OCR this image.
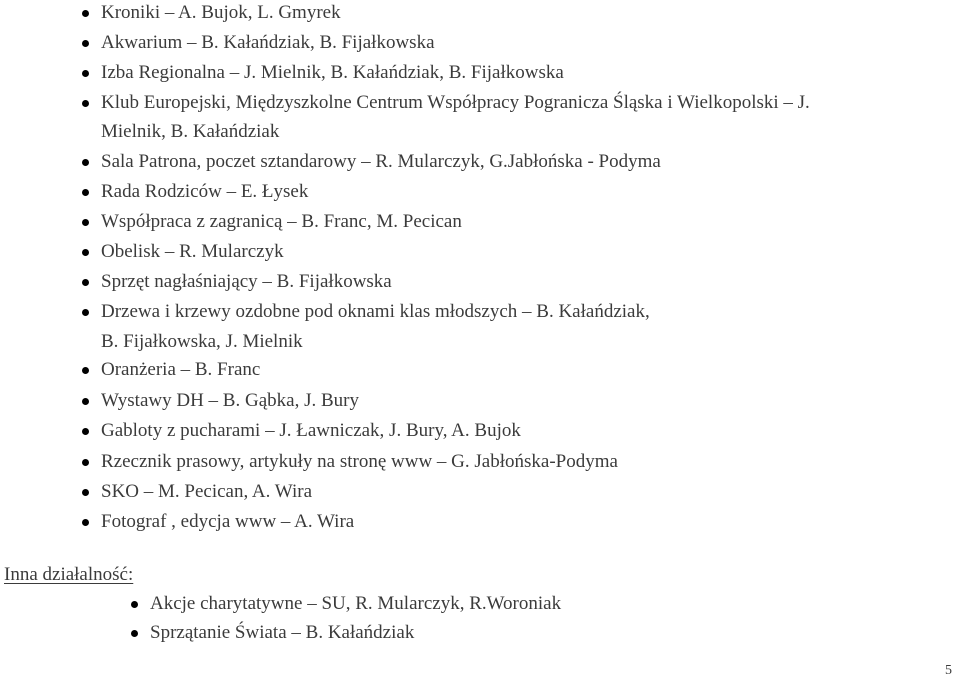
Kroniki – A. Bujok, L. Gmyrek
Akwarium – B. Kałańdziak, B. Fijałkowska
Izba Regionalna – J. Mielnik, B. Kałańdziak, B. Fijałkowska
Klub Europejski, Międzyszkolne Centrum Współpracy Pogranicza Śląska i Wielkopolski – J.
Mielnik, B. Kałańdziak
Sala Patrona, poczet sztandarowy – R. Mularczyk, G.Jabłońska - Podyma
Rada Rodziców – E. Łysek
Współpraca z zagranicą – B. Franc, M. Pecican
Obelisk – R. Mularczyk
Sprzęt nagłaśniający – B. Fijałkowska
Drzewa i krzewy ozdobne pod oknami klas młodszych – B. Kałańdziak,
B. Fijałkowska, J. Mielnik
Oranżeria – B. Franc
Wystawy DH – B. Gąbka, J. Bury
Gabloty z pucharami – J. Ławniczak, J. Bury, A. Bujok
Rzecznik prasowy, artykuły na stronę www – G. Jabłońska-Podyma
SKO – M. Pecican, A. Wira
Fotograf , edycja www – A. Wira
Inna działalność:
Akcje charytatywne – SU, R. Mularczyk, R.Woroniak
Sprzątanie Świata – B. Kałańdziak
5
